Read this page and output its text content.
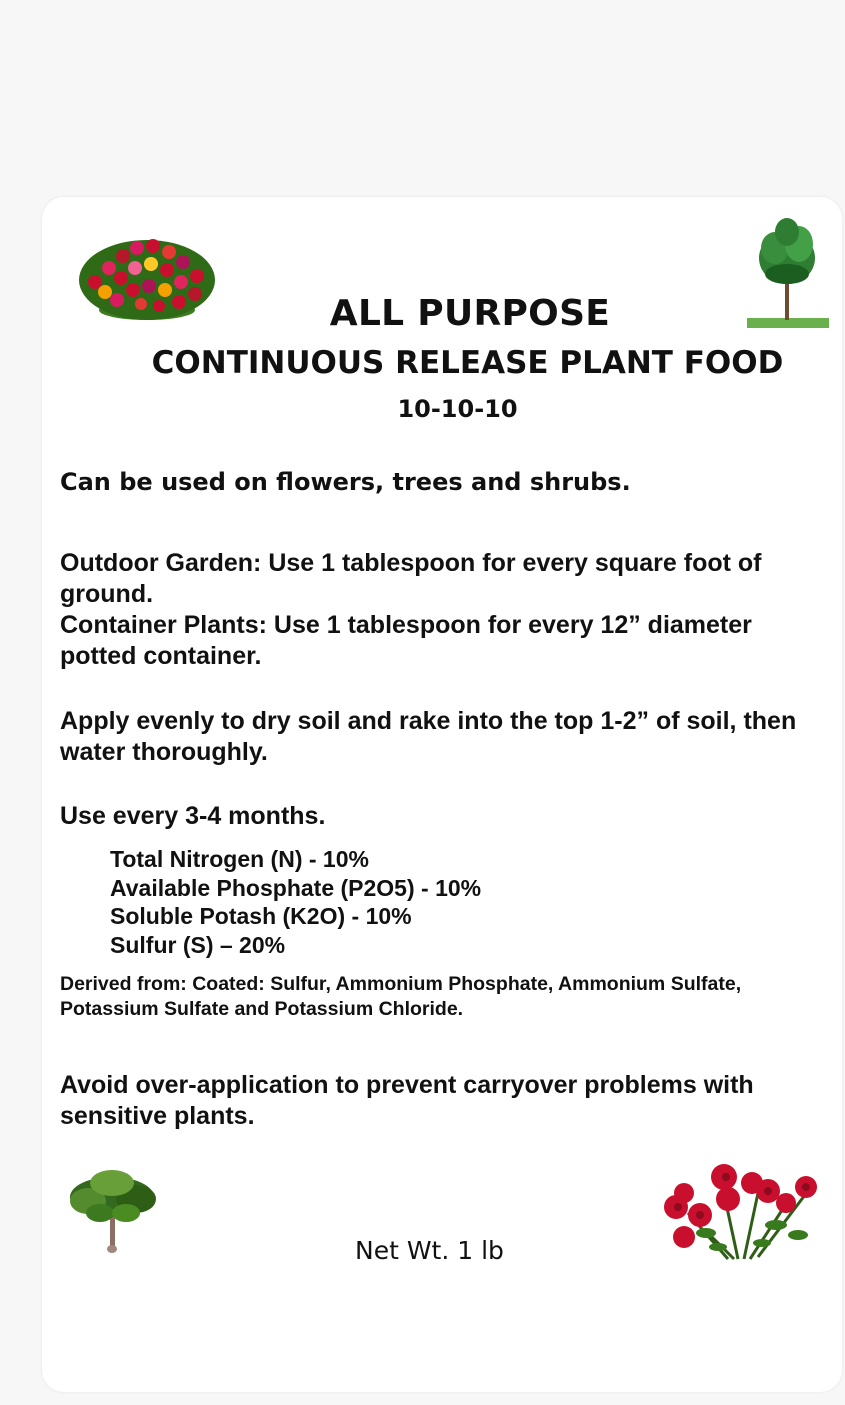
ALL PURPOSE
CONTINUOUS RELEASE PLANT FOOD
10-10-10

Can be used on flowers, trees and shrubs.

Outdoor Garden: Use 1 tablespoon for every square foot of ground.

Container Plants: Use 1 tablespoon for every 12” diameter potted container.

Apply evenly to dry soil and rake into the top 1-2” of soil, then water thoroughly.

Use every 3-4 months.

Total Nitrogen (N) - 10%
Available Phosphate (P2O5) - 10%
Soluble Potash (K2O) - 10%
Sulfur (S) – 20%
Derived from: Coated: Sulfur, Ammonium Phosphate, Ammonium Sulfate, Potassium Sulfate and Potassium Chloride.
Avoid over-application to prevent carryover problems with sensitive plants.
Net Wt. 1 lb
